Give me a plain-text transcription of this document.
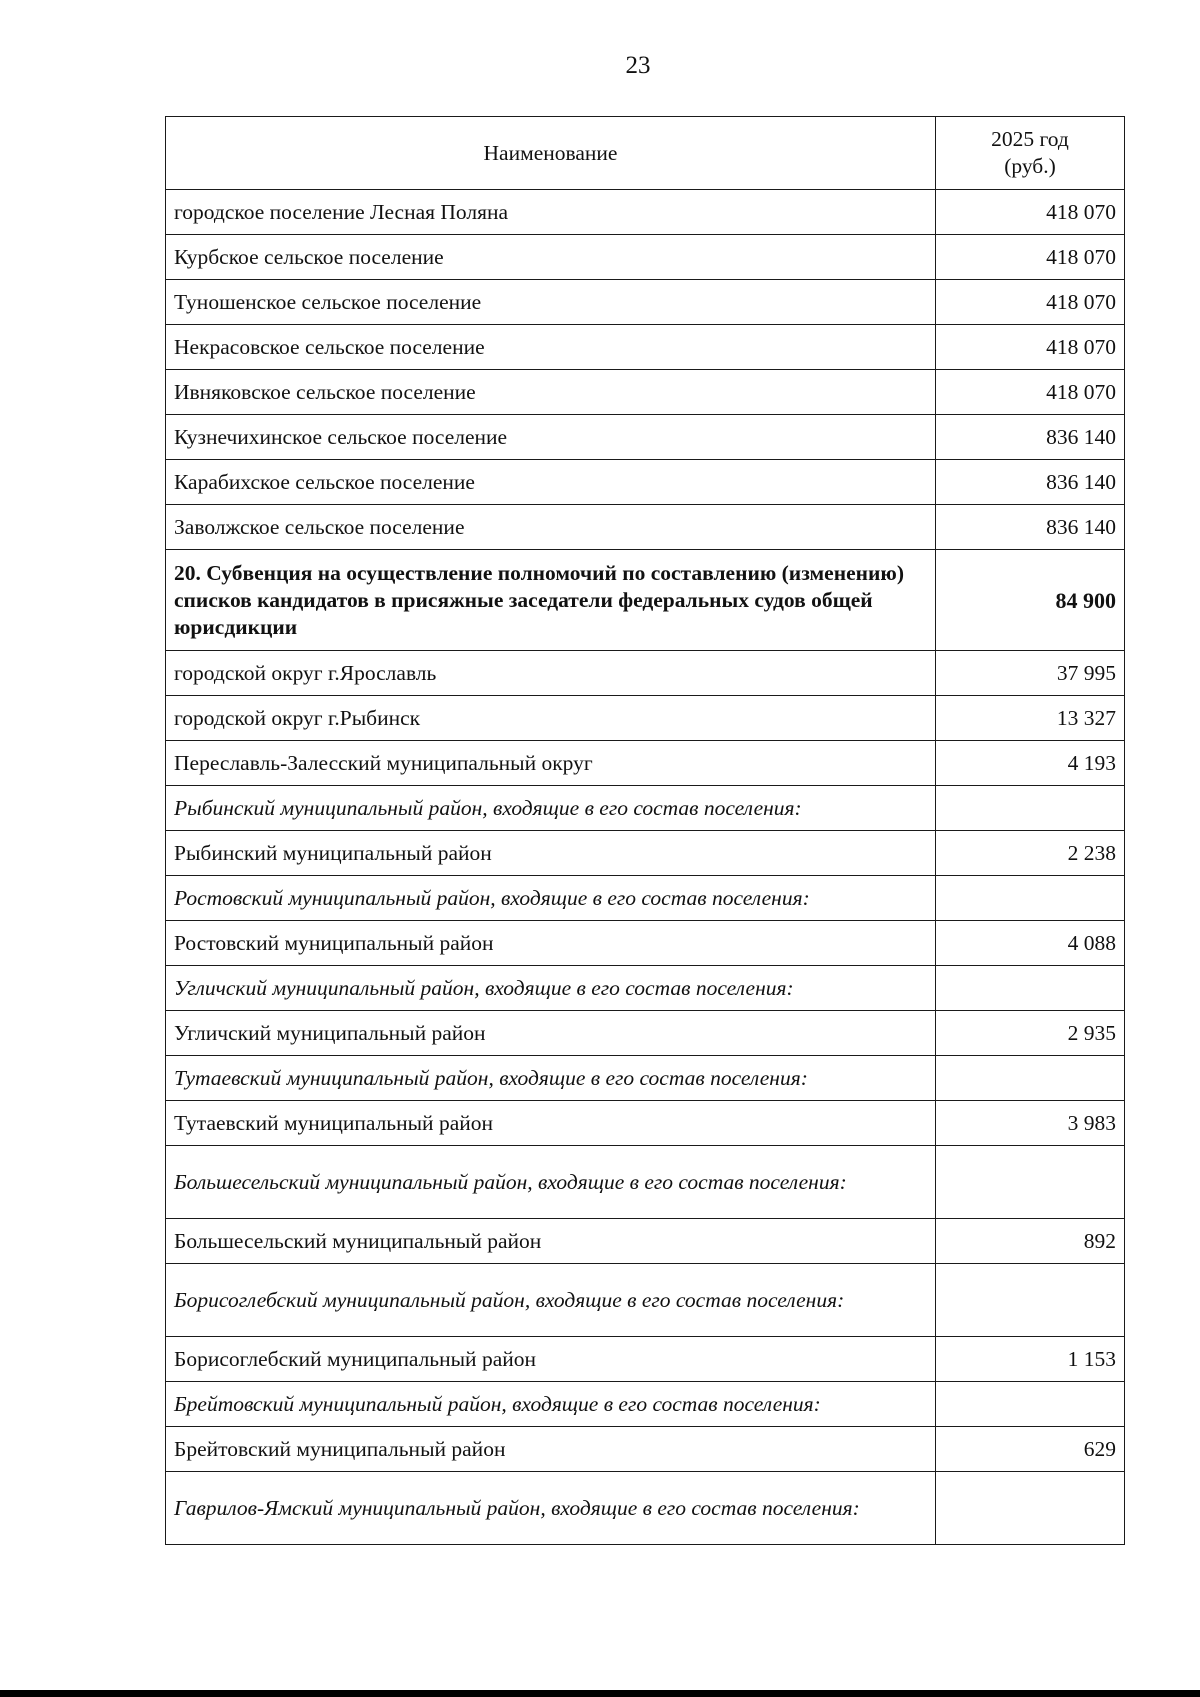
23
Наименование	2025 год
(руб.)

городское поселение Лесная Поляна	418 070
Курбское сельское поселение	418 070
Туношенское сельское поселение	418 070
Некрасовское сельское поселение	418 070
Ивняковское сельское поселение	418 070
Кузнечихинское сельское поселение	836 140
Карабихское сельское поселение	836 140
Заволжское сельское поселение	836 140
20. Субвенция на осуществление полномочий по составлению (изменению) списков кандидатов в присяжные заседатели федеральных судов общей юрисдикции	84 900
городской округ г.Ярославль	37 995
городской округ г.Рыбинск	13 327
Переславль-Залесский муниципальный округ	4 193
Рыбинский муниципальный район, входящие в его состав поселения:	
Рыбинский муниципальный район	2 238
Ростовский муниципальный район, входящие в его состав поселения:	
Ростовский муниципальный район	4 088
Угличский муниципальный район, входящие в его состав поселения:	
Угличский муниципальный район	2 935
Тутаевский муниципальный район, входящие в его состав поселения:	
Тутаевский муниципальный район	3 983
Большесельский муниципальный район, входящие в его состав поселения:	
Большесельский муниципальный район	892
Борисоглебский муниципальный район, входящие в его состав поселения:	
Борисоглебский муниципальный район	1 153
Брейтовский муниципальный район, входящие в его состав поселения:	
Брейтовский муниципальный район	629
Гаврилов-Ямский муниципальный район, входящие в его состав поселения:	
